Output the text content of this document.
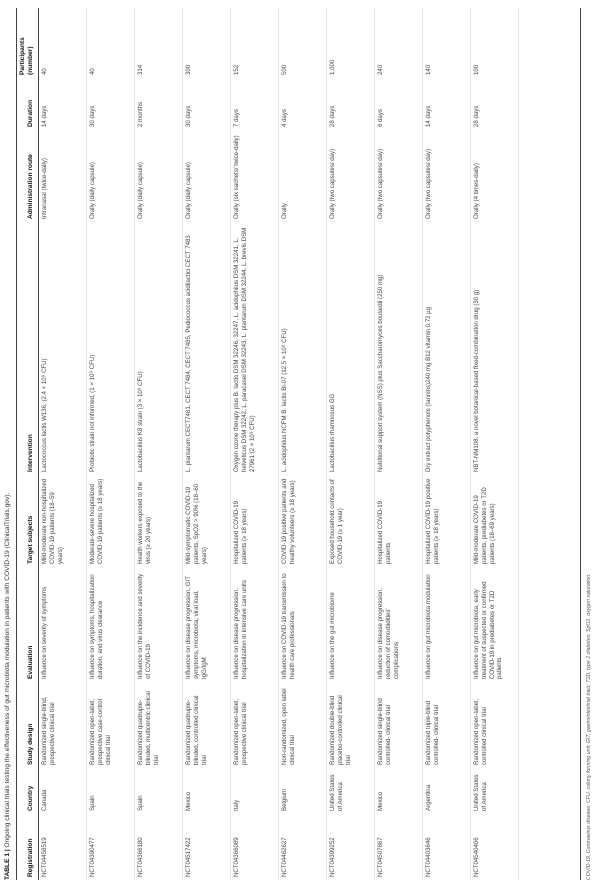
TABLE 1 | Ongoing clinical trials testing the effectiveness of gut microbiota modulation in patients with COVID-19 (ClinicalTrials.gov).
Registration	Country	Study design	Evaluation	Target subjects	Intervention	Administration route	Duration	Participants (number)
NCT04458519	Canada	Randomized single-blind, prospective clinical trial	Influence on severity of symptoms	Mild-moderate non-hospitalized COVID-19 patients (18–59 years)	Lactococcus lactis W136, (2.4 × 10⁹ CFU)	Intranasal (twice-daily)	14 days	40
NCT04390477	Spain	Randomized open-label, prospective case-control clinical trial	Influence on symptoms, hospitalization duration, and virus clearance	Moderate-severe hospitalized COVID-19 patients (≥ 18 years)	Probiotic strain not informed, (1 × 10⁹ CFU)	Orally (daily capsule)	30 days	40
NCT04366180	Spain	Randomized quadruple-blinded, multicentric clinical trial	Influence on the incidence and severity of COVID-19	Health workers exposed to the virus (≥ 20 years)	Lactobacillus K8 strain (3 × 10⁹ CFU)	Orally (daily capsule)	2 months	314
NCT04517422	Mexico	Randomized quadruple-blinded, controlled clinical trial	Influence on disease progression, GIT symptoms, microbiota, viral load, IgG/IgM	Mild-symptomatic COVID-19 patients, SpO2 > 90% (18–60 years)	L. plantarum CECT7481, CECT 7484, CECT 7485, Pediococcus acidilactici CECT 7483	Orally (daily capsule)	30 days	300
NCT04366089	Italy	Randomized open-label, prospective clinical trial	Influence on disease progression, hospitalization in intensive care units	Hospitalized COVID-19 patients (≥ 18 years)	Oxygen ozone therapy plus B. lactis DSM 32246, 32247, L. acidophilus DSM 32241, L. helveticus DSM 32242, L. paracasei DSM 32243, L. plantarum DSM 32244, L. brevis DSM 27961 (2 × 10⁹ CFU)	Orally (six sachets/ twice-daily)	7 days	152
NCT04462627	Belgium	Non-randomized, open label clinical trial	Influence on COVID-19 transmission to health care professionals	COVID-19 positive patients and healthy volunteers (≥ 18 years)	L. acidophilus NCFM B. lactis Bl-07 (12.5 × 10⁹ CFU)	Orally	4 days	500
NCT04399252	United States of America	Randomized double-blind placebo-controlled clinical trial	Influence on the gut microbiome	Exposed household contacts of COVID-19 (≥ 1 year)	Lactobacillus rhamnosus GG	Orally (two capsules/ day)	28 days	1,000
NCT04507867	Mexico	Randomized single-blind controlled- clinical trial	Influence on disease progression, reduction of comorbidities' complications	Hospitalized COVID-19 patients	Nutritional support system (NSS) plus Saccharomyces boulardii (250 mg)	Orally (two capsules/ day)	6 days	240
NCT04403646	Argentina	Randomized triple-blind controlled- clinical trial	Influence on gut microbiota modulation	Hospitalized COVID-19 positive patients (≥ 18 years)	Dry extract polyphenols (tannins)240 mg B12 vitamin 0.72 μg	Orally (two capsules/ day)	14 days	140
NCT04540406	United States of America	Randomized open-label, controlled clinical trial	Influence on gut microbiota, early treatment of suspected or confirmed COVID-19 in prediabetes or T2D patients	Mild-moderate COVID-19 patients, prediabetes or T2D patients (18–69 years)	NBT-NM108, a novel botanical-based fixed-combination drug (30 g)	Orally (4 times-daily)	28 days	100
COVID-19, Coronavirus disease; CFU, colony forming unit; GIT, gastrointestinal tract; T2D, type 2 diabetes; SpO2, oxygen saturation.
